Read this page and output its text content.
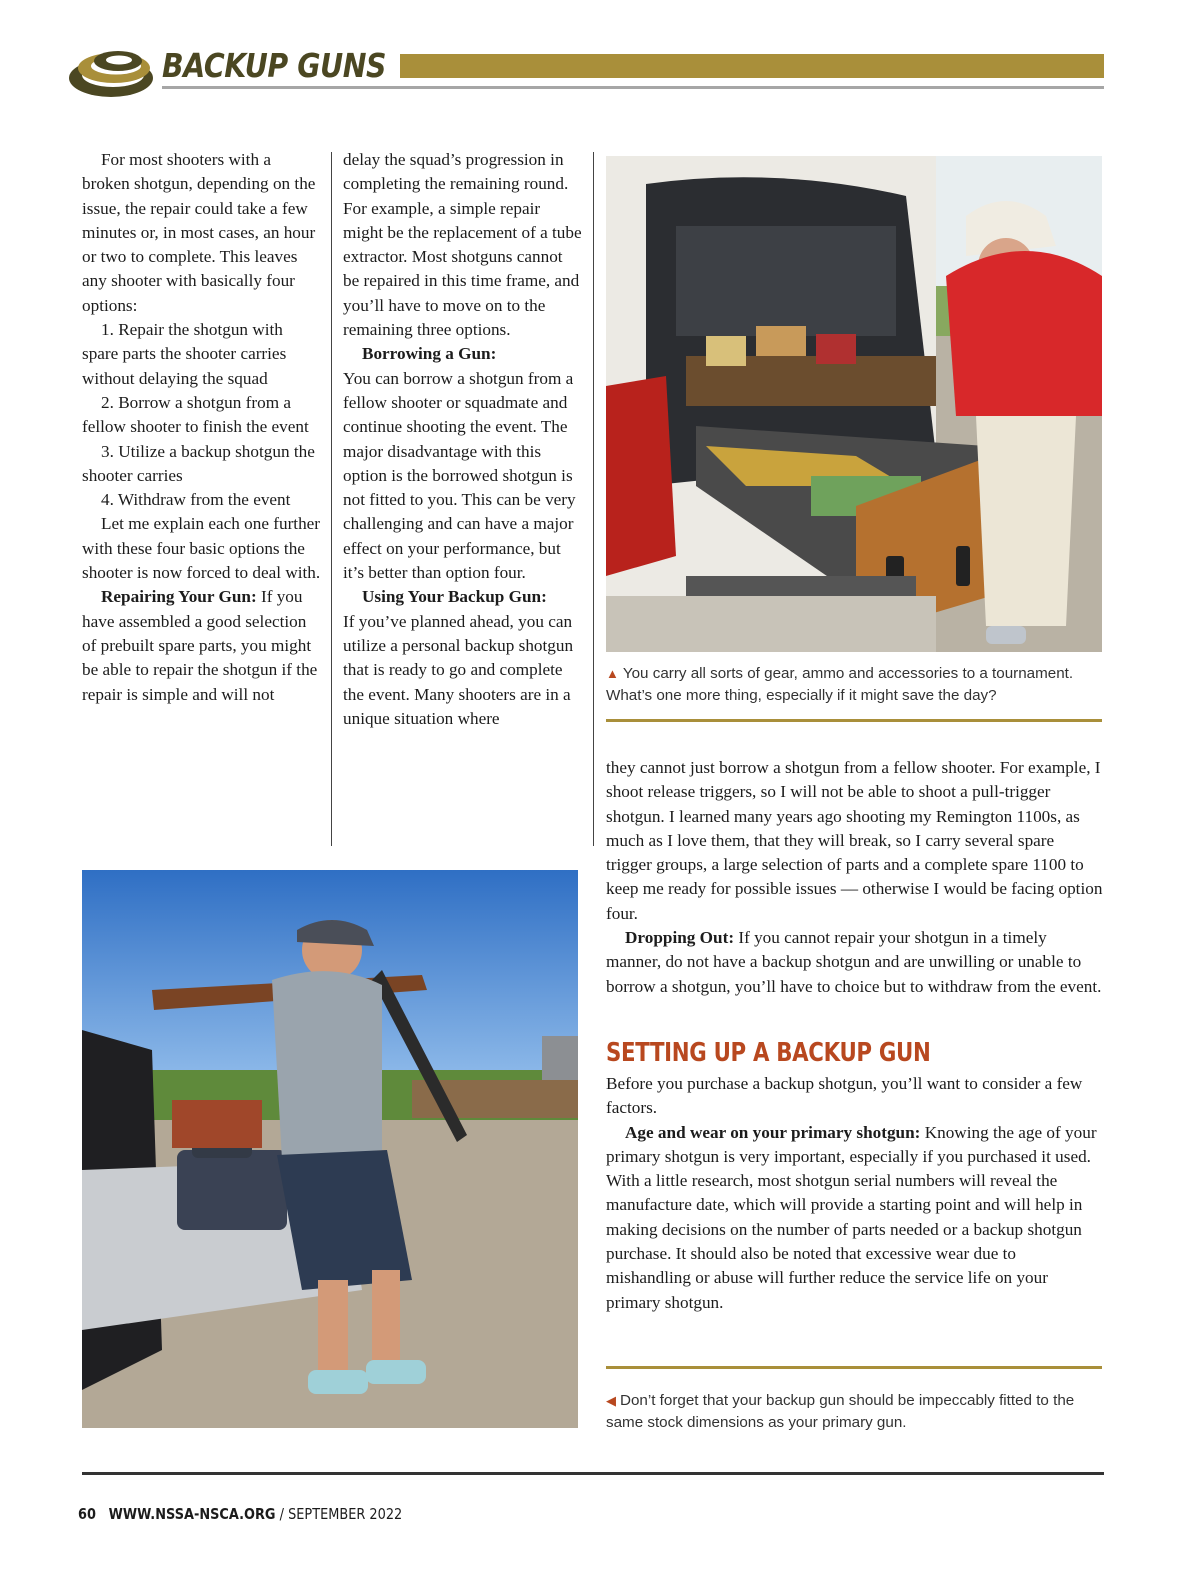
BACKUP GUNS

For most shooters with a broken shotgun, depending on the issue, the repair could take a few minutes or, in most cases, an hour or two to complete. This leaves any shooter with basically four options:

1. Repair the shotgun with spare parts the shooter carries without delaying the squad

2. Borrow a shotgun from a fellow shooter to finish the event

3. Utilize a backup shotgun the shooter carries

4. Withdraw from the event

Let me explain each one further with these four basic options the shooter is now forced to deal with.

Repairing Your Gun: If you have assembled a good selection of prebuilt spare parts, you might be able to repair the shotgun if the repair is simple and will not

delay the squad’s progression in completing the remaining round. For example, a simple repair might be the replacement of a tube extractor. Most shotguns cannot be repaired in this time frame, and you’ll have to move on to the remaining three options.

Borrowing a Gun:

You can borrow a shotgun from a fellow shooter or squadmate and continue shooting the event. The major disadvantage with this option is the borrowed shotgun is not fitted to you. This can be very challenging and can have a major effect on your performance, but it’s better than option four.

Using Your Backup Gun:

If you’ve planned ahead, you can utilize a personal backup shotgun that is ready to go and complete the event. Many shooters are in a unique situation where

▲ You carry all sorts of gear, ammo and accessories to a tournament. What’s one more thing, especially if it might save the day?

they cannot just borrow a shotgun from a fellow shooter. For example, I shoot release triggers, so I will not be able to shoot a pull-trigger shotgun. I learned many years ago shooting my Remington 1100s, as much as I love them, that they will break, so I carry several spare trigger groups, a large selection of parts and a complete spare 1100 to keep me ready for possible issues — otherwise I would be facing option four.

Dropping Out: If you cannot repair your shotgun in a timely manner, do not have a backup shotgun and are unwilling or unable to borrow a shotgun, you’ll have to choice but to withdraw from the event.

SETTING UP A BACKUP GUN

Before you purchase a backup shotgun, you’ll want to consider a few factors.

Age and wear on your primary shotgun: Knowing the age of your primary shotgun is very important, especially if you purchased it used. With a little research, most shotgun serial numbers will reveal the manufacture date, which will provide a starting point and will help in making decisions on the number of parts needed or a backup shotgun purchase. It should also be noted that excessive wear due to mishandling or abuse will further reduce the service life on your primary shotgun.

◀ Don’t forget that your backup gun should be impeccably fitted to the same stock dimensions as your primary gun.
60 WWW.NSSA-NSCA.ORG / SEPTEMBER 2022
